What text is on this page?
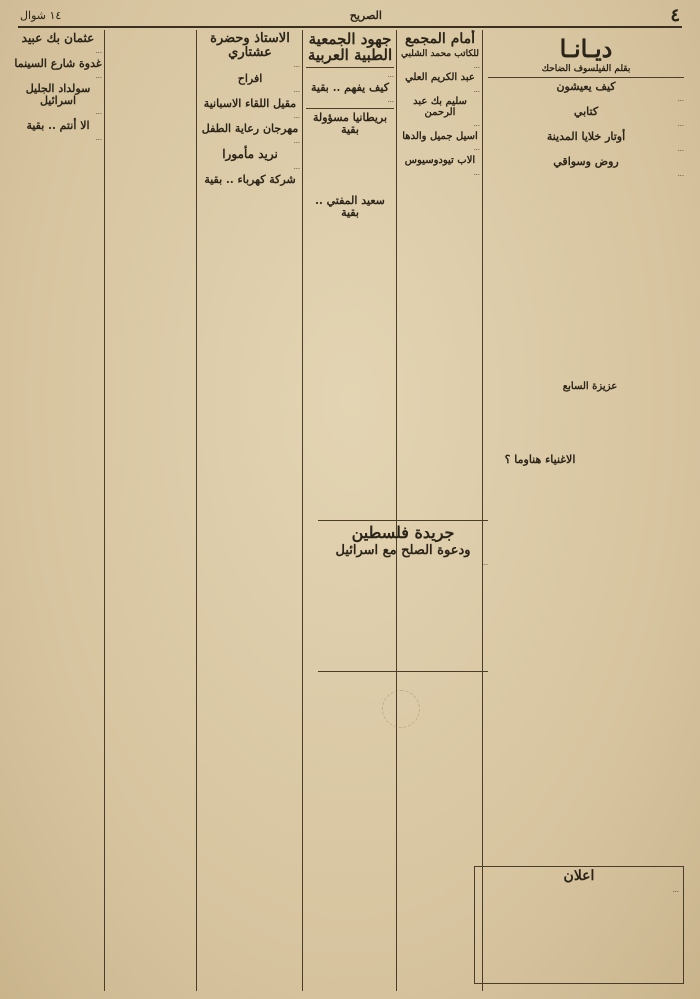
٤
الصريح
١٤ شوال
ديـانـا
بقلم الفيلسوف الضاحك
كيف يعيشون

...

كتابي

...

أوتار خلايا المدينة

...

روض وسواقي

...

أمام المجمع
للكاتب محمد الشلبي

...

عبد الكريم العلي

...

سليم بك عبد الرحمن

...

اسيل جميل والدها

...

الاب تيودوسيوس

...

جهود الجمعية الطبية العربية

...

كيف يفهم .. بقية

...

بريطانيا مسؤولة بقية
سعيد المفتي .. بقية
الاستاذ وحضرة عشتاري

...

افراح

...

مقيل اللقاء الاسبانية

...

مهرجان رعاية الطفل

...

نريد مأمورا

...

شركة كهرباء .. بقية
عثمان بك عبيد

...

غدوة شارع السينما

...

سولداد الجليل اسرائيل

...

الا أنتم .. بقية

...

جريدة فلسطين
ودعوة الصلح مع اسرائيل

...

الاغنياء هناوما ؟
عزيزة السابع
اعلان

...
